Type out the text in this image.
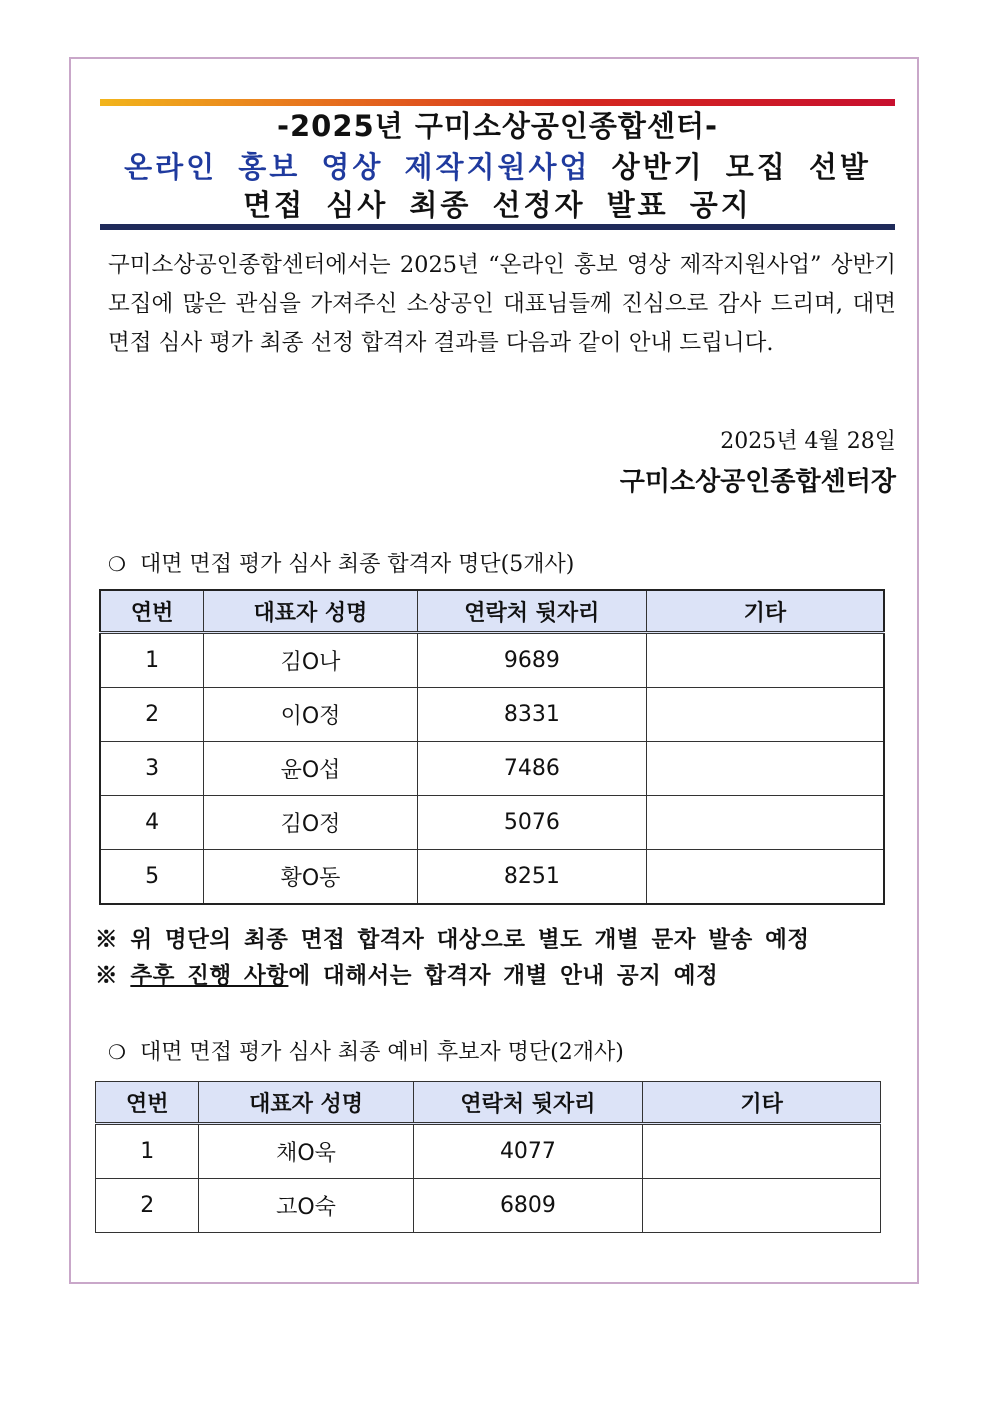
-2025년 구미소상공인종합센터-
온라인 홍보 영상 제작지원사업 상반기 모집 선발
면접 심사 최종 선정자 발표 공지
구미소상공인종합센터에서는 2025년 “온라인 홍보 영상 제작지원사업” 상반기 모집에 많은 관심을 가져주신 소상공인 대표님들께 진심으로 감사 드리며, 대면 면접 심사 평가 최종 선정 합격자 결과를 다음과 같이 안내 드립니다.
2025년 4월 28일
구미소상공인종합센터장
❍ 대면 면접 평가 심사 최종 합격자 명단(5개사)
연번	대표자 성명	연락처 뒷자리	기타
1	김O나	9689	
2	이O정	8331	
3	윤O섭	7486	
4	김O정	5076	
5	황O동	8251	
※ 위 명단의 최종 면접 합격자 대상으로 별도 개별 문자 발송 예정
※ 추후 진행 사항에 대해서는 합격자 개별 안내 공지 예정
❍ 대면 면접 평가 심사 최종 예비 후보자 명단(2개사)
연번	대표자 성명	연락처 뒷자리	기타
1	채O욱	4077	
2	고O숙	6809	
